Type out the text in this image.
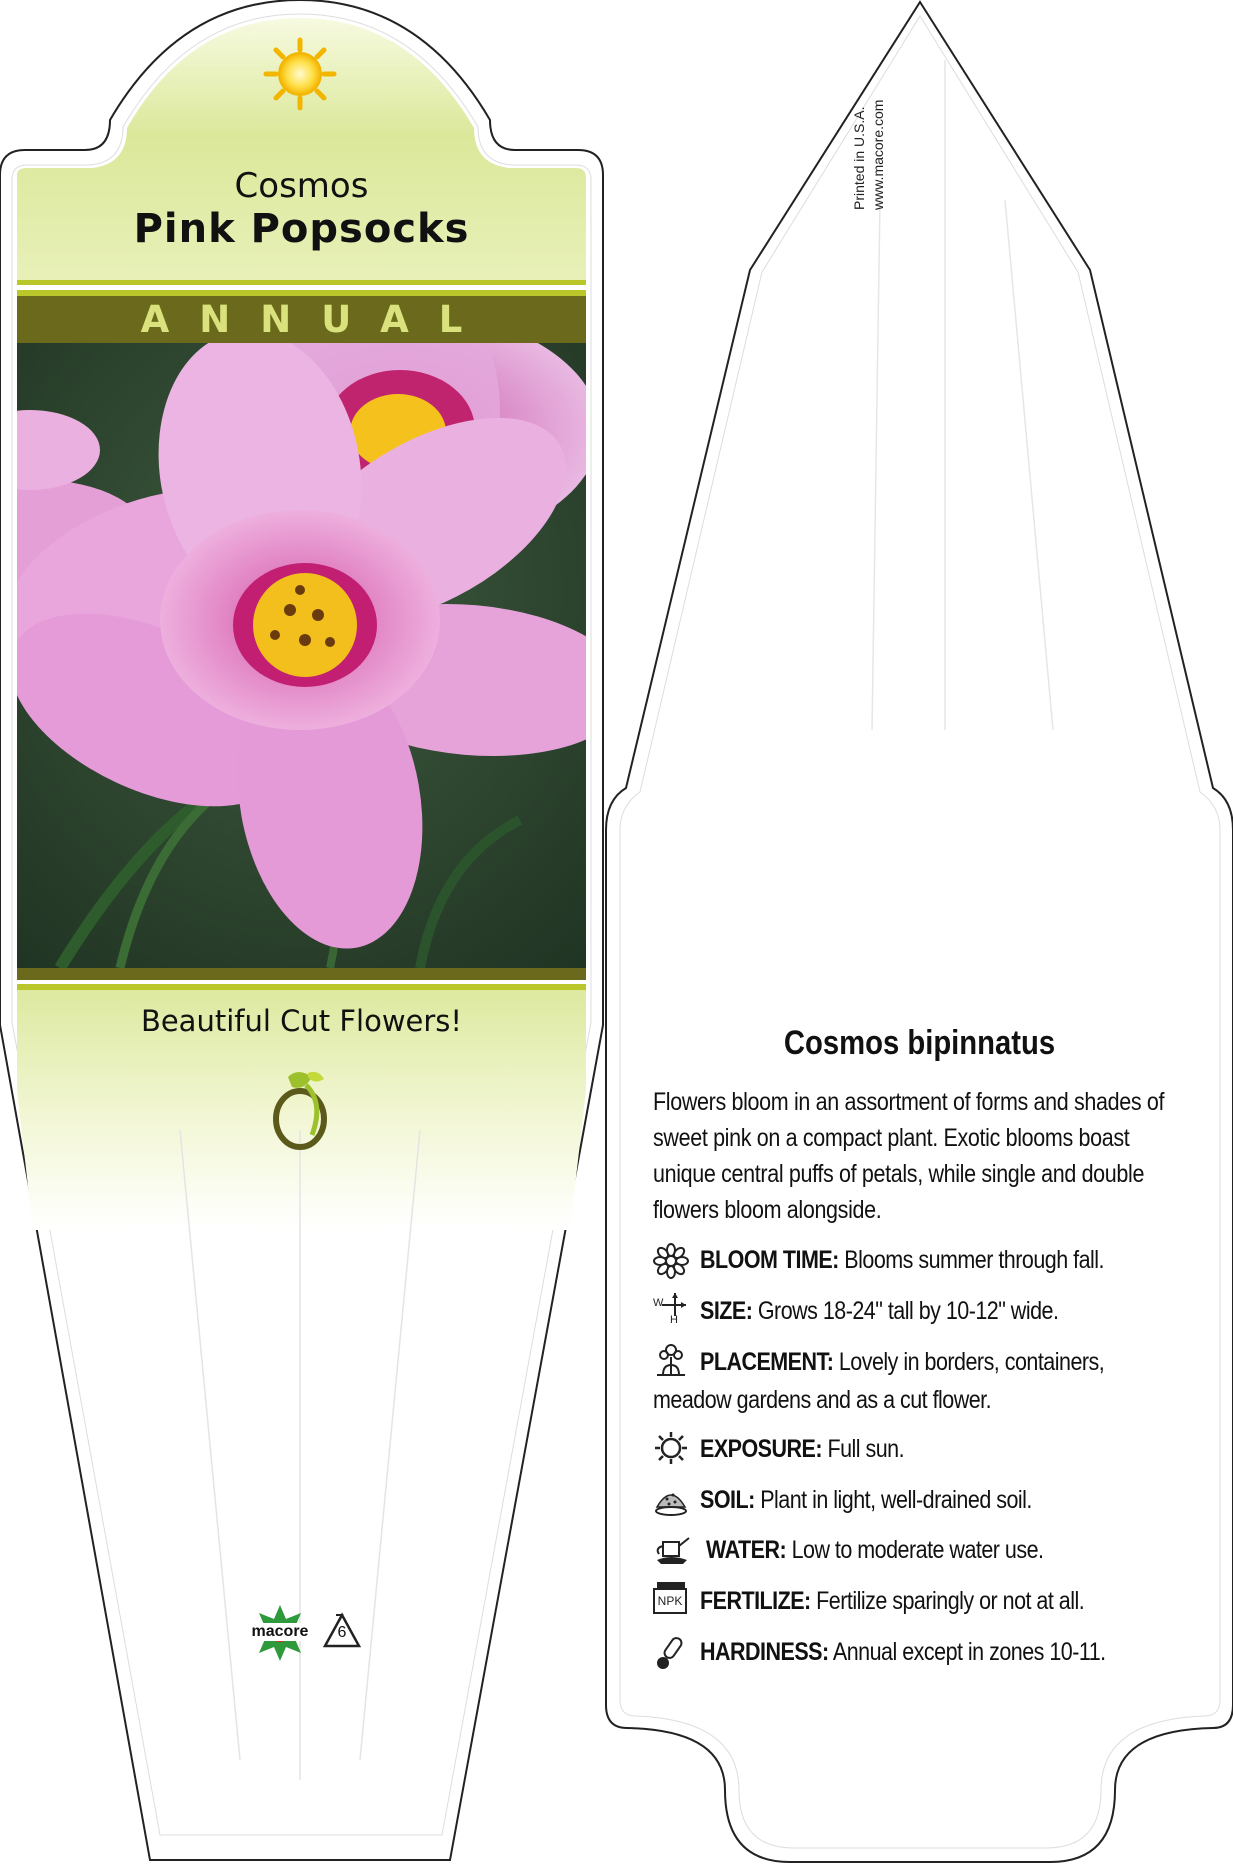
Cosmos
Pink Popsocks
ANNUAL
Beautiful Cut Flowers!
macore	6
Printed in U.S.A. www.macore.com
Cosmos bipinnatus
Flowers bloom in an assortment of forms and shades of
sweet pink on a compact plant. Exotic blooms boast
unique central puffs of petals, while single and double
flowers bloom alongside.
BLOOM TIME: Blooms summer through fall.
W
H SIZE: Grows 18-24" tall by 10-12" wide.
PLACEMENT: Lovely in borders, containers,
meadow gardens and as a cut flower.
EXPOSURE: Full sun.
SOIL: Plant in light, well-drained soil.
WATER: Low to moderate water use.
NPK FERTILIZE: Fertilize sparingly or not at all.
HARDINESS: Annual except in zones 10-11.
